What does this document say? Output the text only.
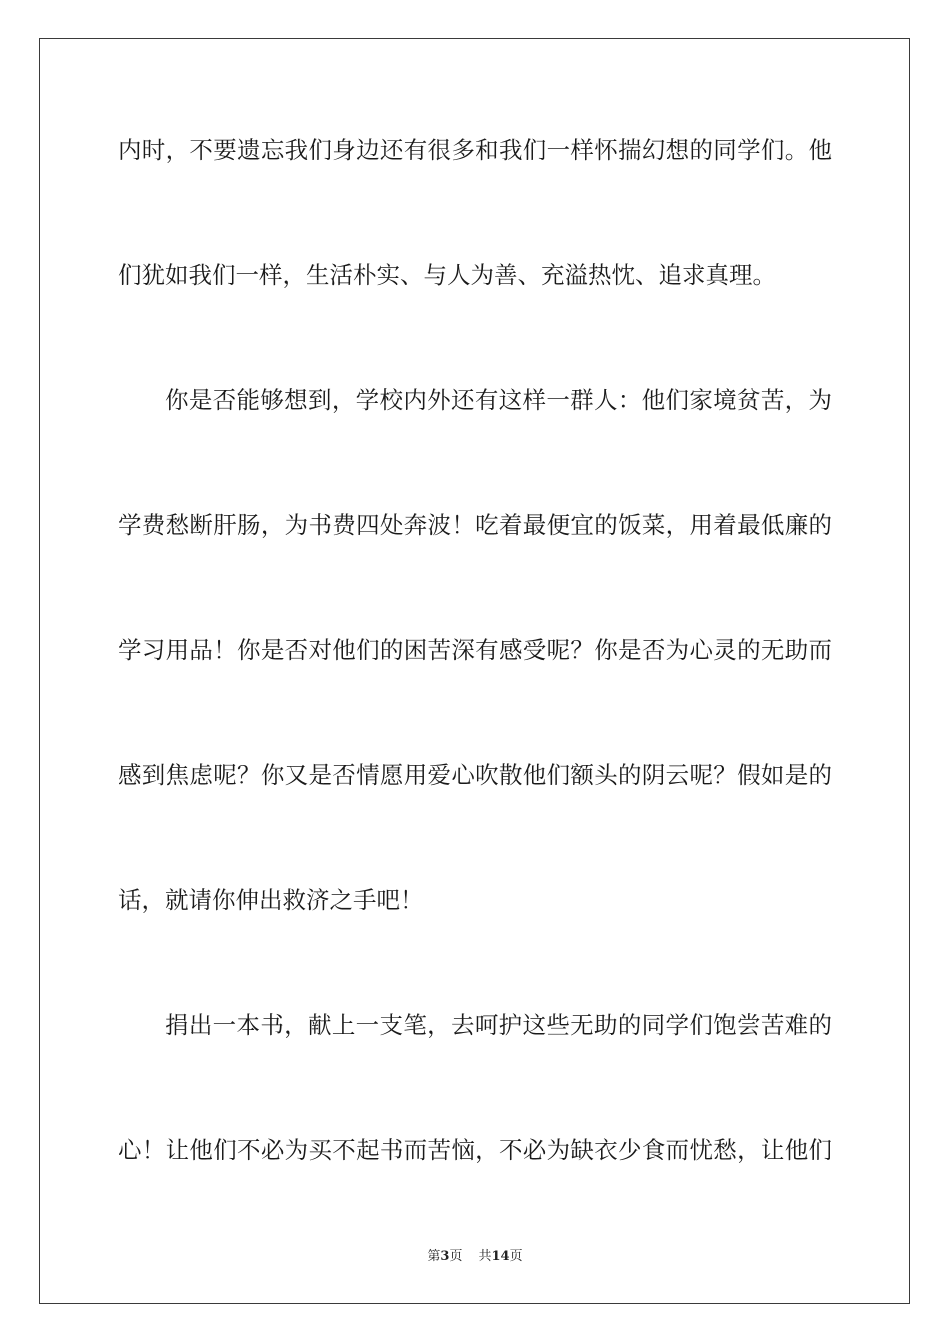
内时，不要遗忘我们身边还有很多和我们一样怀揣幻想的同学们。他
们犹如我们一样，生活朴实、与人为善、充溢热忱、追求真理。
你是否能够想到，学校内外还有这样一群人：他们家境贫苦，为
学费愁断肝肠，为书费四处奔波！吃着最便宜的饭菜，用着最低廉的
学习用品！你是否对他们的困苦深有感受呢？你是否为心灵的无助而
感到焦虑呢？你又是否情愿用爱心吹散他们额头的阴云呢？假如是的
话，就请你伸出救济之手吧！
捐出一本书，献上一支笔，去呵护这些无助的同学们饱尝苦难的
心！让他们不必为买不起书而苦恼，不必为缺衣少食而忧愁，让他们
第3页 共14页
